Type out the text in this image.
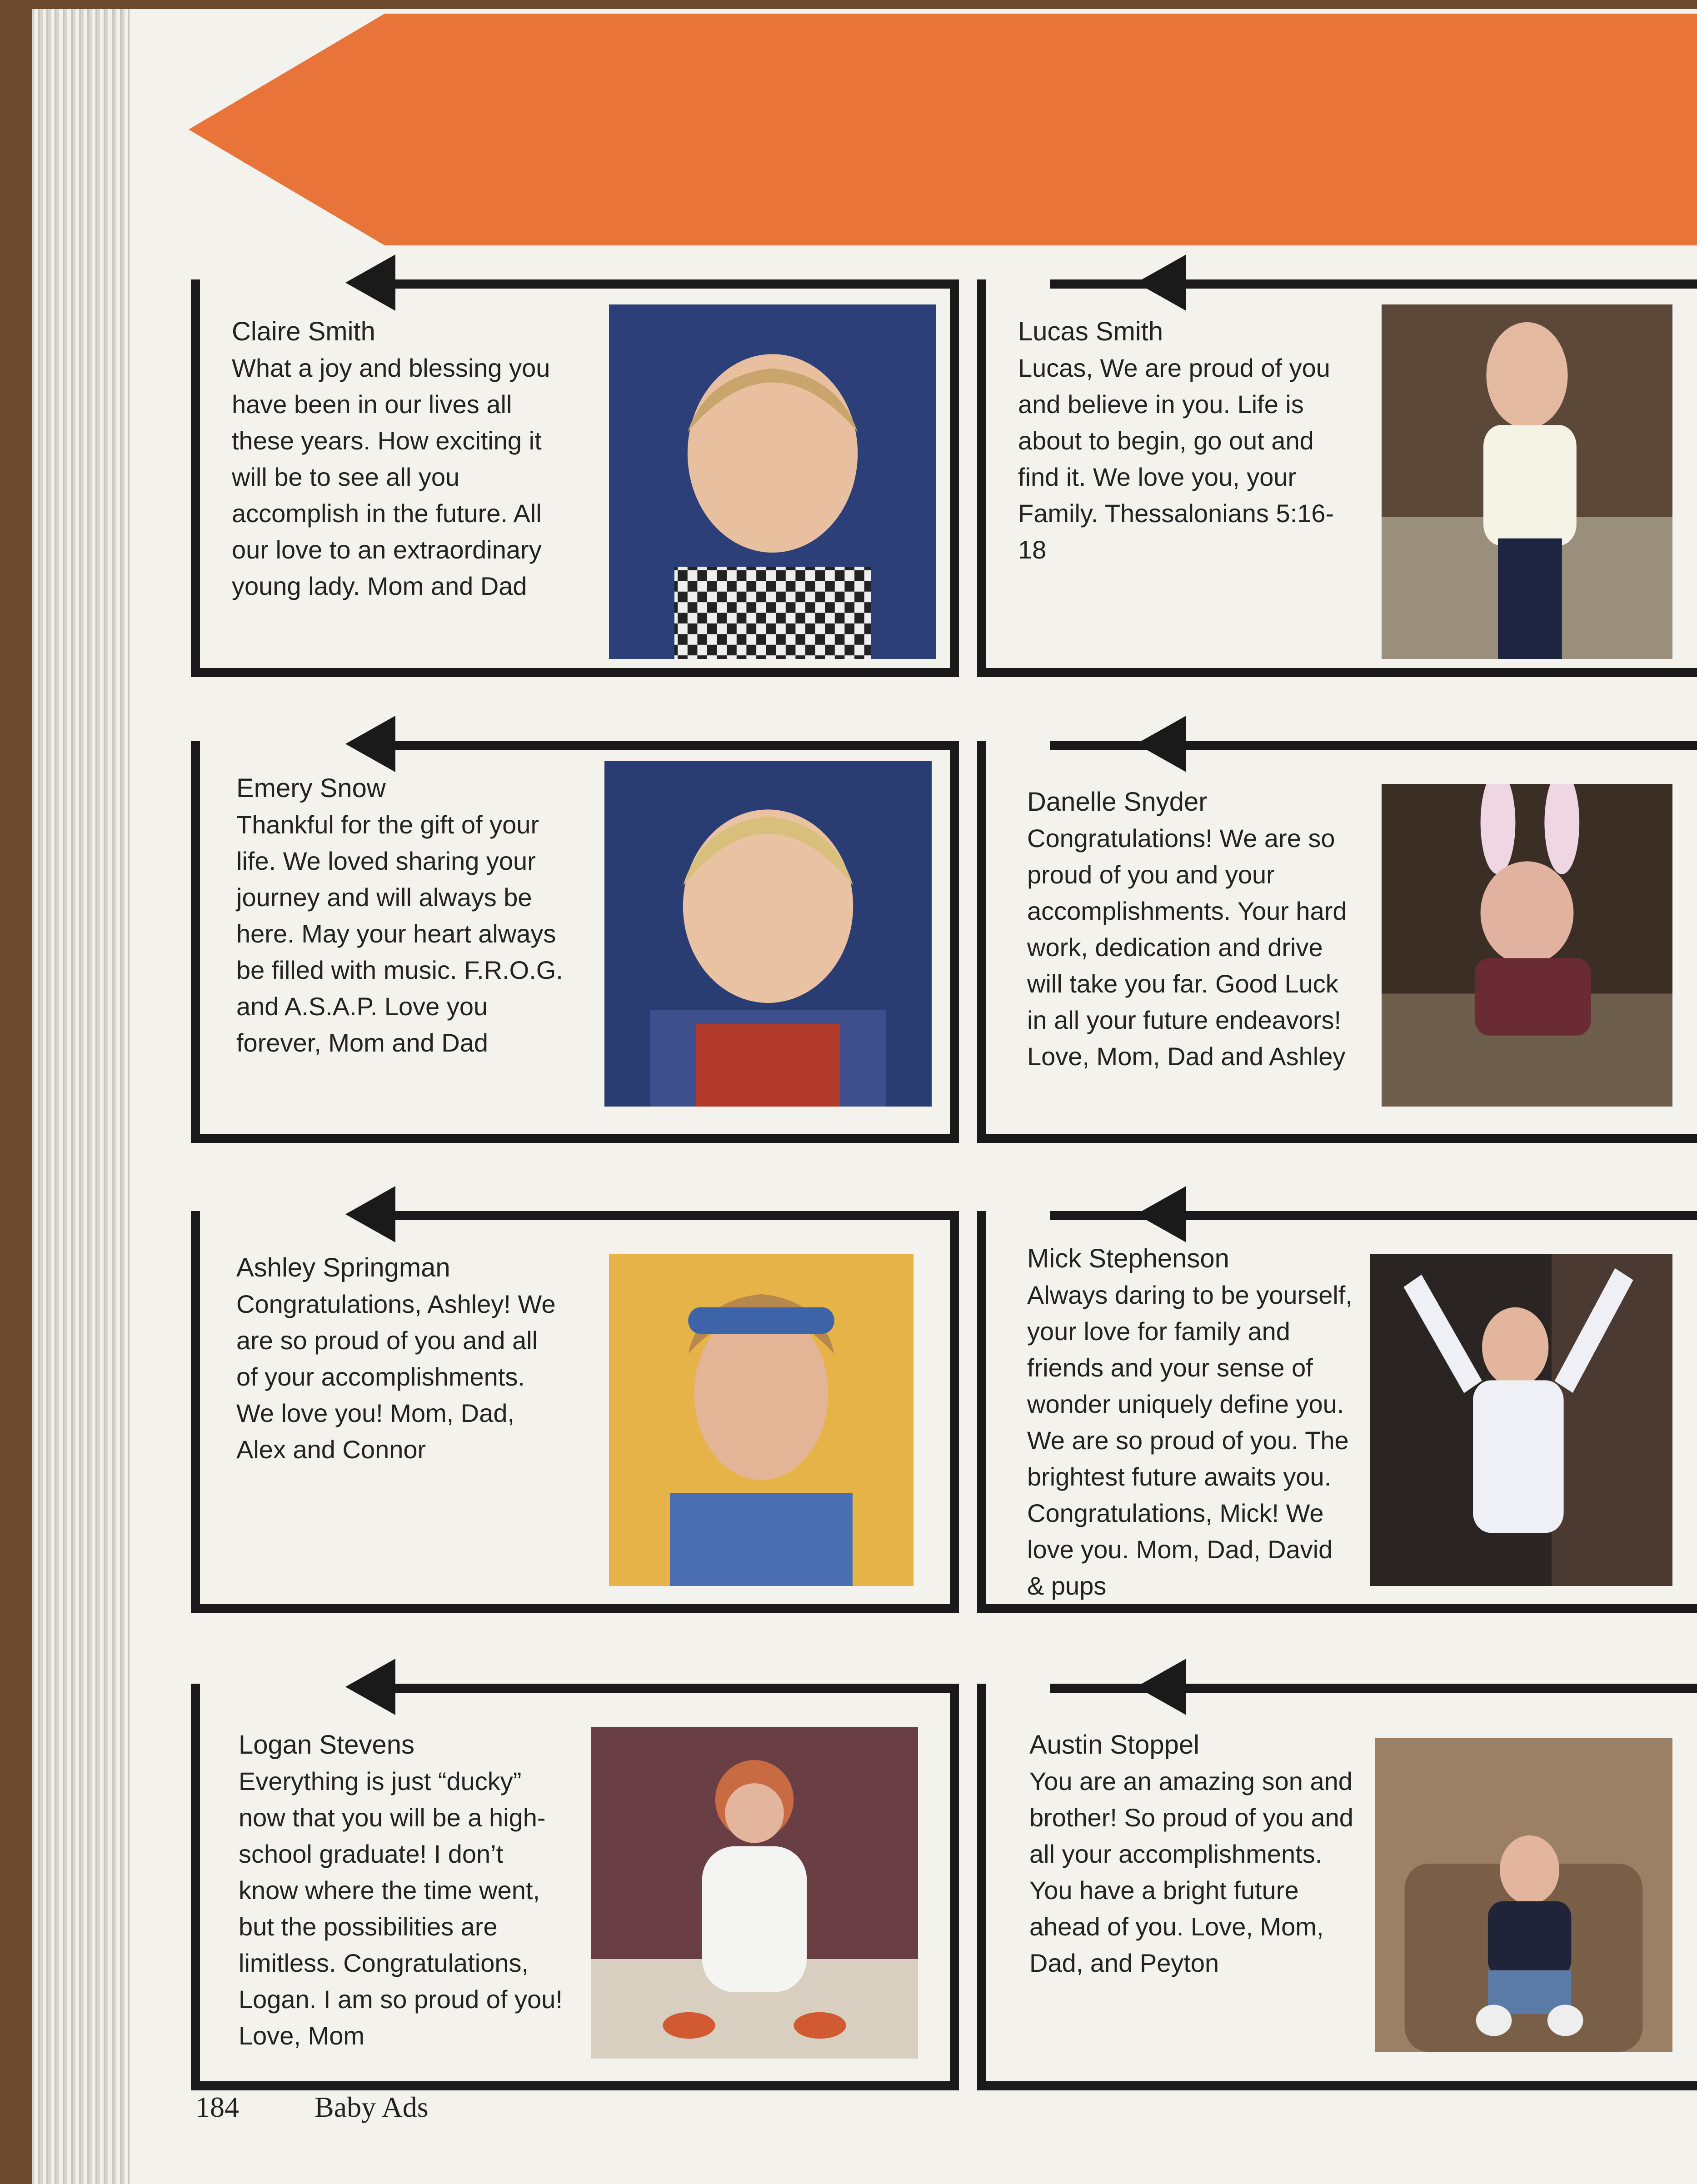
Claire Smith
What a joy and blessing you have been in our lives all these years. How exciting it will be to see all you accomplish in the future. All our love to an extraordinary young lady. Mom and Dad
Lucas Smith
Lucas, We are proud of you and believe in you. Life is about to begin, go out and find it. We love you, your Family. Thessalonians 5:16-18
Emery Snow
Thankful for the gift of your life. We loved sharing your journey and will always be here. May your heart always be filled with music. F.R.O.G. and A.S.A.P. Love you forever, Mom and Dad
Danelle Snyder
Congratulations! We are so proud of you and your accomplishments. Your hard work, dedication and drive will take you far. Good Luck in all your future endeavors! Love, Mom, Dad and Ashley
Ashley Springman
Congratulations, Ashley! We are so proud of you and all of your accomplishments. We love you! Mom, Dad, Alex and Connor
Mick Stephenson
Always daring to be yourself, your love for family and friends and your sense of wonder uniquely define you. We are so proud of you. The brightest future awaits you. Congratulations, Mick! We love you. Mom, Dad, David & pups
Logan Stevens
Everything is just “ducky” now that you will be a high-school graduate! I don’t know where the time went, but the possibilities are limitless. Congratulations, Logan. I am so proud of you! Love, Mom
Austin Stoppel
You are an amazing son and brother! So proud of you and all your accomplishments. You have a bright future ahead of you. Love, Mom, Dad, and Peyton
184	Baby Ads
